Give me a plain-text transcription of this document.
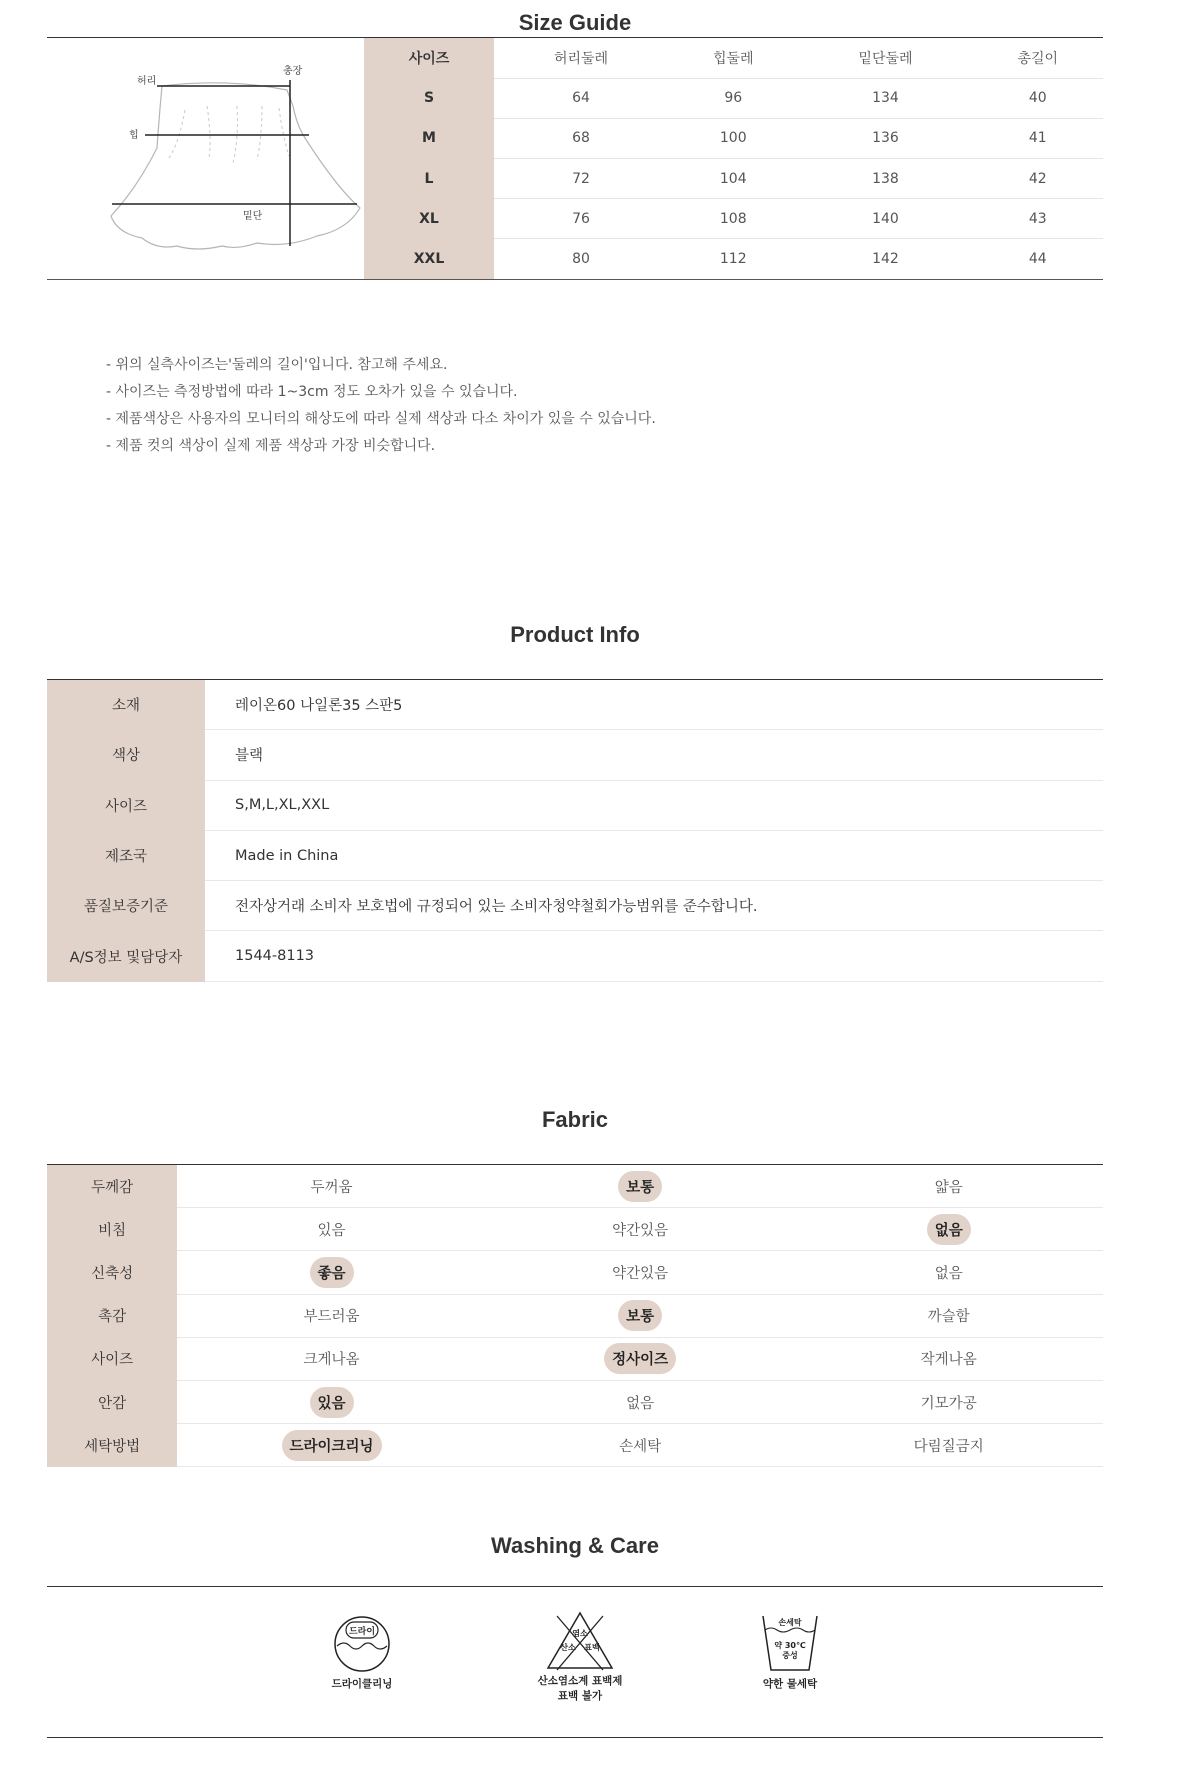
Size Guide
허리
총장
힙
밑단
사이즈	허리둘레	힙둘레	밑단둘레	총길이
S	64	96	134	40
M	68	100	136	41
L	72	104	138	42
XL	76	108	140	43
XXL	80	112	142	44
- 위의 실측사이즈는'둘레의 길이'입니다. 참고해 주세요.
- 사이즈는 측정방법에 따라 1~3cm 정도 오차가 있을 수 있습니다.
- 제품색상은 사용자의 모니터의 해상도에 따라 실제 색상과 다소 차이가 있을 수 있습니다.
- 제품 컷의 색상이 실제 제품 색상과 가장 비슷합니다.
Product Info
소재	레이온60 나일론35 스판5
색상	블랙
사이즈	S,M,L,XL,XXL
제조국	Made in China
품질보증기준	전자상거래 소비자 보호법에 규정되어 있는 소비자청약철회가능범위를 준수합니다.
A/S정보 및담당자	1544-8113
Fabric
두께감	두꺼움	보통	얇음
비침	있음	약간있음	없음
신축성	좋음	약간있음	없음
촉감	부드러움	보통	까슬함
사이즈	크게나옴	정사이즈	작게나옴
안감	있음	없음	기모가공
세탁방법	드라이크리닝	손세탁	다림질금지
Washing & Care
드라이
드라이클리닝
염소
산소 표백
산소염소계 표백제
표백 불가
손세탁
약 30℃
중성
약한 물세탁
